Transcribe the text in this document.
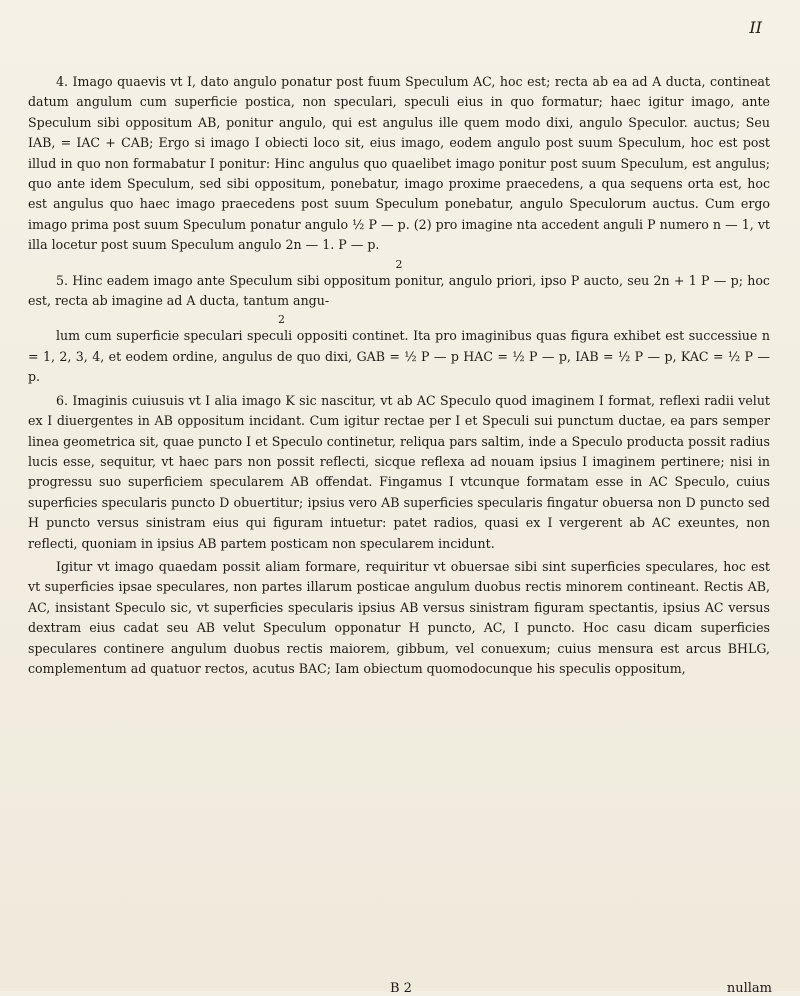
II

4. Imago quaevis vt I, dato angulo ponatur post fuum Speculum AC, hoc est; recta ab ea ad A ducta, contineat datum angulum cum superficie postica, non speculari, speculi eius in quo formatur; haec igitur imago, ante Speculum sibi oppositum AB, ponitur angulo, qui est angulus ille quem modo dixi, angulo Speculor. auctus; Seu IAB, = IAC + CAB; Ergo si imago I obiecti loco sit, eius imago, eodem angulo post suum Speculum, hoc est post illud in quo non formabatur I ponitur: Hinc angulus quo quaelibet imago ponitur post suum Speculum, est angulus; quo ante idem Speculum, sed sibi oppositum, ponebatur, imago proxime praecedens, a qua sequens orta est, hoc est angulus quo haec imago praecedens post suum Speculum ponebatur, angulo Speculorum auctus. Cum ergo imago prima post suum Speculum ponatur angulo ½ P — p. (2) pro imagine nta accedent anguli P numero n — 1, vt illa locetur post suum Speculum angulo 2n — 1. P — p.

2

5. Hinc eadem imago ante Speculum sibi oppositum ponitur, angulo priori, ipso P aucto, seu 2n + 1 P — p; hoc est, recta ab imagine ad A ducta, tantum angu-

2

lum cum superficie speculari speculi oppositi continet. Ita pro imaginibus quas figura exhibet est successiue n = 1, 2, 3, 4, et eodem ordine, angulus de quo dixi, GAB = ½ P — p HAC = ½ P — p, IAB = ½ P — p, KAC = ½ P — p.

6. Imaginis cuiusuis vt I alia imago K sic nascitur, vt ab AC Speculo quod imaginem I format, reflexi radii velut ex I diuergentes in AB oppositum incidant. Cum igitur rectae per I et Speculi sui punctum ductae, ea pars semper linea geometrica sit, quae puncto I et Speculo continetur, reliqua pars saltim, inde a Speculo producta possit radius lucis esse, sequitur, vt haec pars non possit reflecti, sicque reflexa ad nouam ipsius I imaginem pertinere; nisi in progressu suo superficiem specularem AB offendat. Fingamus I vtcunque formatam esse in AC Speculo, cuius superficies specularis puncto D obuertitur; ipsius vero AB superficies specularis fingatur obuersa non D puncto sed H puncto versus sinistram eius qui figuram intuetur: patet radios, quasi ex I vergerent ab AC exeuntes, non reflecti, quoniam in ipsius AB partem posticam non specularem incidunt.

Igitur vt imago quaedam possit aliam formare, requiritur vt obuersae sibi sint superficies speculares, hoc est vt superficies ipsae speculares, non partes illarum posticae angulum duobus rectis minorem contineant. Rectis AB, AC, insistant Speculo sic, vt superficies specularis ipsius AB versus sinistram figuram spectantis, ipsius AC versus dextram eius cadat seu AB velut Speculum opponatur H puncto, AC, I puncto. Hoc casu dicam superficies speculares continere angulum duobus rectis maiorem, gibbum, vel conuexum; cuius mensura est arcus BHLG, complementum ad quatuor rectos, acutus BAC; Iam obiectum quomodocunque his speculis oppositum,

B 2	nullam
